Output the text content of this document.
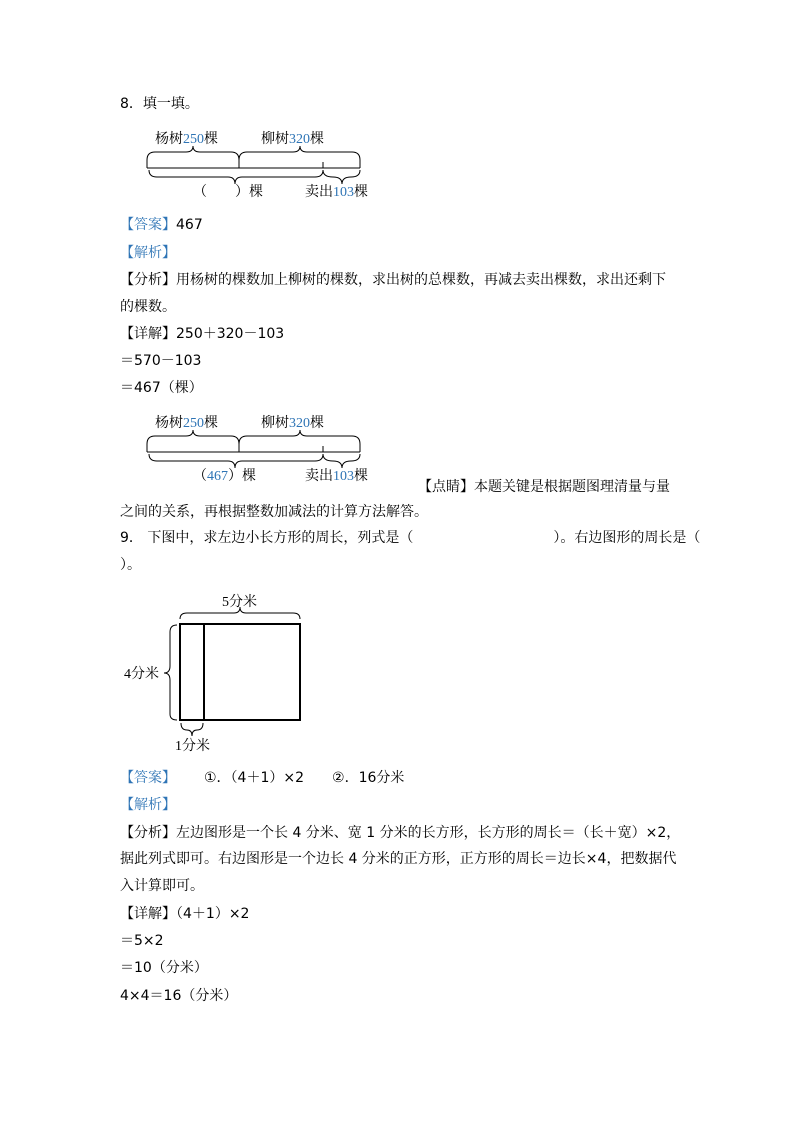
8．填一填。
杨树250棵	柳树320棵
（　　）棵	卖出103棵
杨树250棵	柳树320棵
（467）棵	卖出103棵
5分米
4分米
1分米
【答案】467
【解析】
【分析】用杨树的棵数加上柳树的棵数，求出树的总棵数，再减去卖出棵数，求出还剩下
的棵数。
【详解】250＋320－103
＝570－103
＝467（棵）
【点睛】本题关键是根据题图理清量与量
之间的关系，再根据整数加减法的计算方法解答。
9． 下图中，求左边小长方形的周长，列式是（　　　　　　　　　　）。右边图形的周长是（
）。
【答案】 ①．（4＋1）×2 ②．16分米
【解析】
【分析】左边图形是一个长 4 分米、宽 1 分米的长方形，长方形的周长＝（长＋宽）×2，
据此列式即可。右边图形是一个边长 4 分米的正方形，正方形的周长＝边长×4，把数据代
入计算即可。
【详解】（4＋1）×2
＝5×2
＝10（分米）
4×4＝16（分米）
